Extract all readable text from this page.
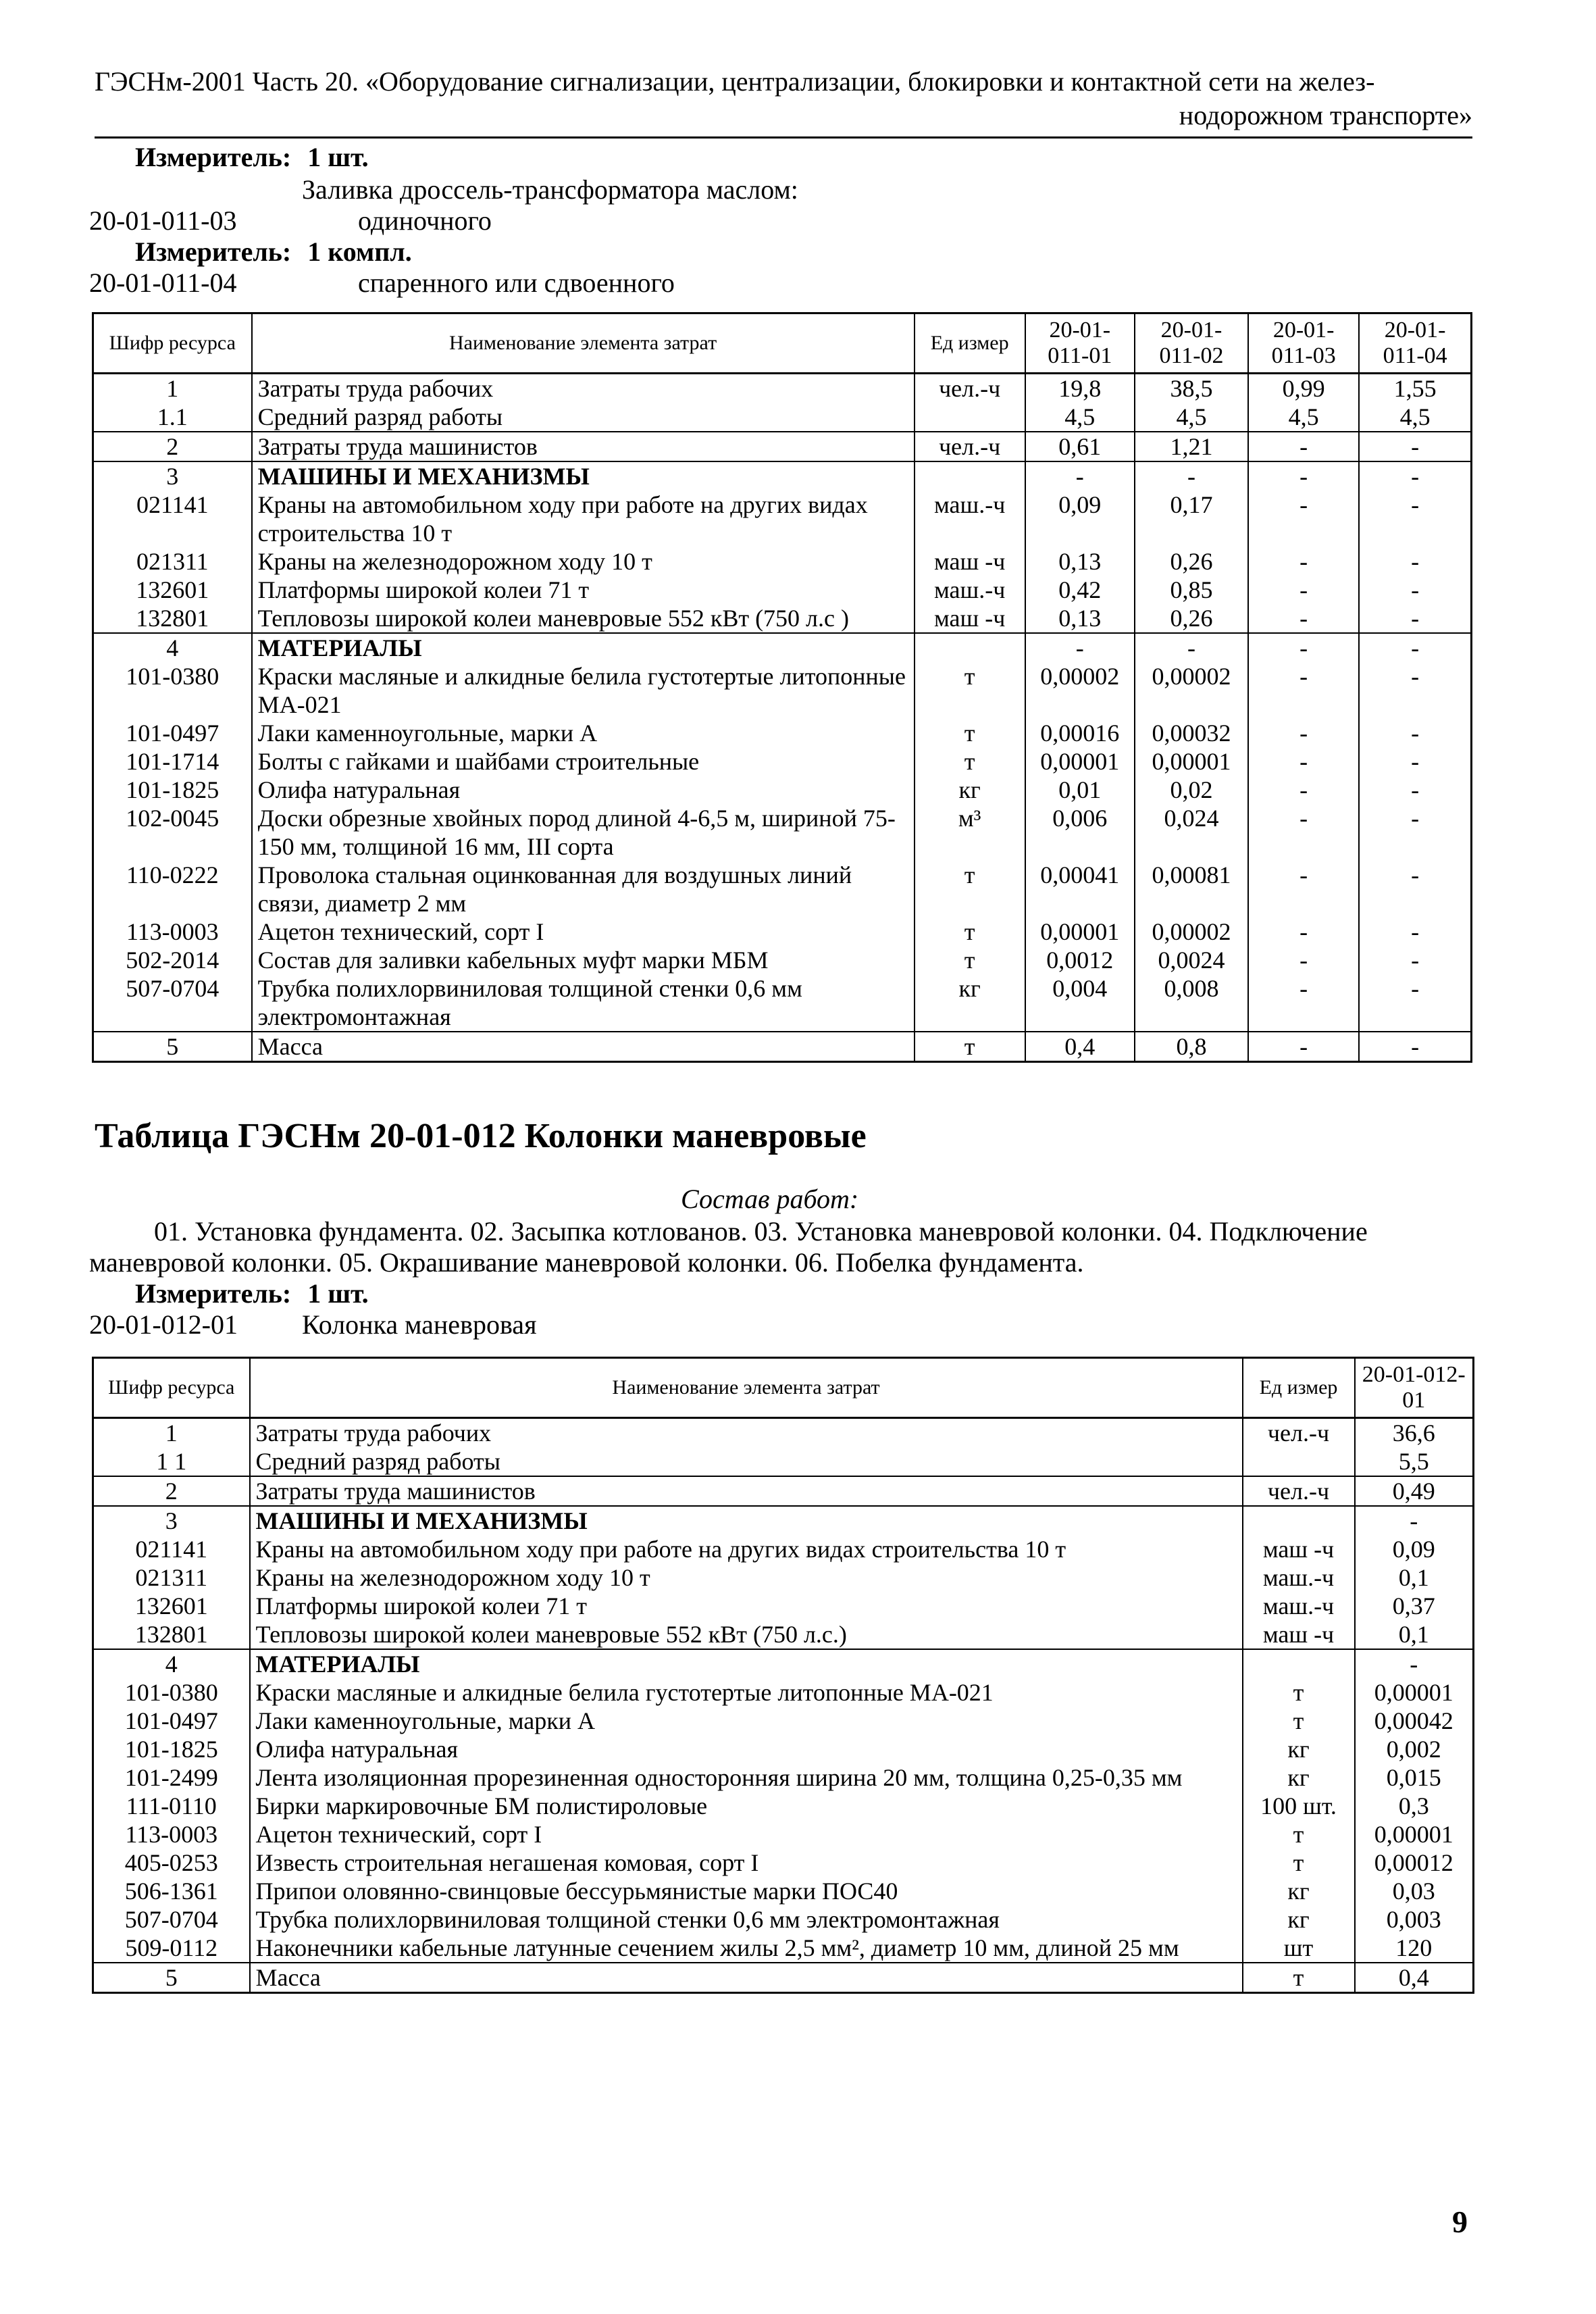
ГЭСНм-2001 Часть 20. «Оборудование сигнализации, централизации, блокировки и контактной сети на желез-
нодорожном транспорте»
Измеритель: 1 шт.
Заливка дроссель-трансформатора маслом:
20-01-011-03	одиночного
Измеритель: 1 компл.
20-01-011-04	спаренного или сдвоенного
Шифр ресурса	Наименование элемента затрат	Ед измер	20-01-011-01	20-01-011-02	20-01-011-03	20-01-011-04
1	Затраты труда рабочих	чел.-ч	19,8	38,5	0,99	1,55
1.1	Средний разряд работы		4,5	4,5	4,5	4,5
2	Затраты труда машинистов	чел.-ч	0,61	1,21	-	-
3	МАШИНЫ И МЕХАНИЗМЫ		-	-	-	-
021141	Краны на автомобильном ходу при работе на других видах строительства 10 т	маш.-ч	0,09	0,17	-	-
021311	Краны на железнодорожном ходу 10 т	маш -ч	0,13	0,26	-	-
132601	Платформы широкой колеи 71 т	маш.-ч	0,42	0,85	-	-
132801	Тепловозы широкой колеи маневровые 552 кВт (750 л.с )	маш -ч	0,13	0,26	-	-
4	МАТЕРИАЛЫ		-	-	-	-
101-0380	Краски масляные и алкидные белила густотертые литопонные МА-021	т	0,00002	0,00002	-	-
101-0497	Лаки каменноугольные, марки А	т	0,00016	0,00032	-	-
101-1714	Болты с гайками и шайбами строительные	т	0,00001	0,00001	-	-
101-1825	Олифа натуральная	кг	0,01	0,02	-	-
102-0045	Доски обрезные хвойных пород длиной 4-6,5 м, шириной 75-150 мм, толщиной 16 мм, III сорта	м³	0,006	0,024	-	-
110-0222	Проволока стальная оцинкованная для воздушных линий связи, диаметр 2 мм	т	0,00041	0,00081	-	-
113-0003	Ацетон технический, сорт I	т	0,00001	0,00002	-	-
502-2014	Состав для заливки кабельных муфт марки МБМ	т	0,0012	0,0024	-	-
507-0704	Трубка полихлорвиниловая толщиной стенки 0,6 мм электромонтажная	кг	0,004	0,008	-	-
5	Масса	т	0,4	0,8	-	-
Таблица ГЭСНм 20-01-012 Колонки маневровые
Состав работ:
01. Установка фундамента. 02. Засыпка котлованов. 03. Установка маневровой колонки. 04. Подключение
маневровой колонки. 05. Окрашивание маневровой колонки. 06. Побелка фундамента.
Измеритель: 1 шт.
20-01-012-01 Колонка маневровая
Шифр ресурса	Наименование элемента затрат	Ед измер	20-01-012-01
1	Затраты труда рабочих	чел.-ч	36,6
1 1	Средний разряд работы		5,5
2	Затраты труда машинистов	чел.-ч	0,49
3	МАШИНЫ И МЕХАНИЗМЫ		-
021141	Краны на автомобильном ходу при работе на других видах строительства 10 т	маш -ч	0,09
021311	Краны на железнодорожном ходу 10 т	маш.-ч	0,1
132601	Платформы широкой колеи 71 т	маш.-ч	0,37
132801	Тепловозы широкой колеи маневровые 552 кВт (750 л.с.)	маш -ч	0,1
4	МАТЕРИАЛЫ		-
101-0380	Краски масляные и алкидные белила густотертые литопонные МА-021	т	0,00001
101-0497	Лаки каменноугольные, марки А	т	0,00042
101-1825	Олифа натуральная	кг	0,002
101-2499	Лента изоляционная прорезиненная односторонняя ширина 20 мм, толщина 0,25-0,35 мм	кг	0,015
111-0110	Бирки маркировочные БМ полистироловые	100 шт.	0,3
113-0003	Ацетон технический, сорт I	т	0,00001
405-0253	Известь строительная негашеная комовая, сорт I	т	0,00012
506-1361	Припои оловянно-свинцовые бессурьмянистые марки ПОС40	кг	0,03
507-0704	Трубка полихлорвиниловая толщиной стенки 0,6 мм электромонтажная	кг	0,003
509-0112	Наконечники кабельные латунные сечением жилы 2,5 мм², диаметр 10 мм, длиной 25 мм	шт	120
5	Масса	т	0,4
9
